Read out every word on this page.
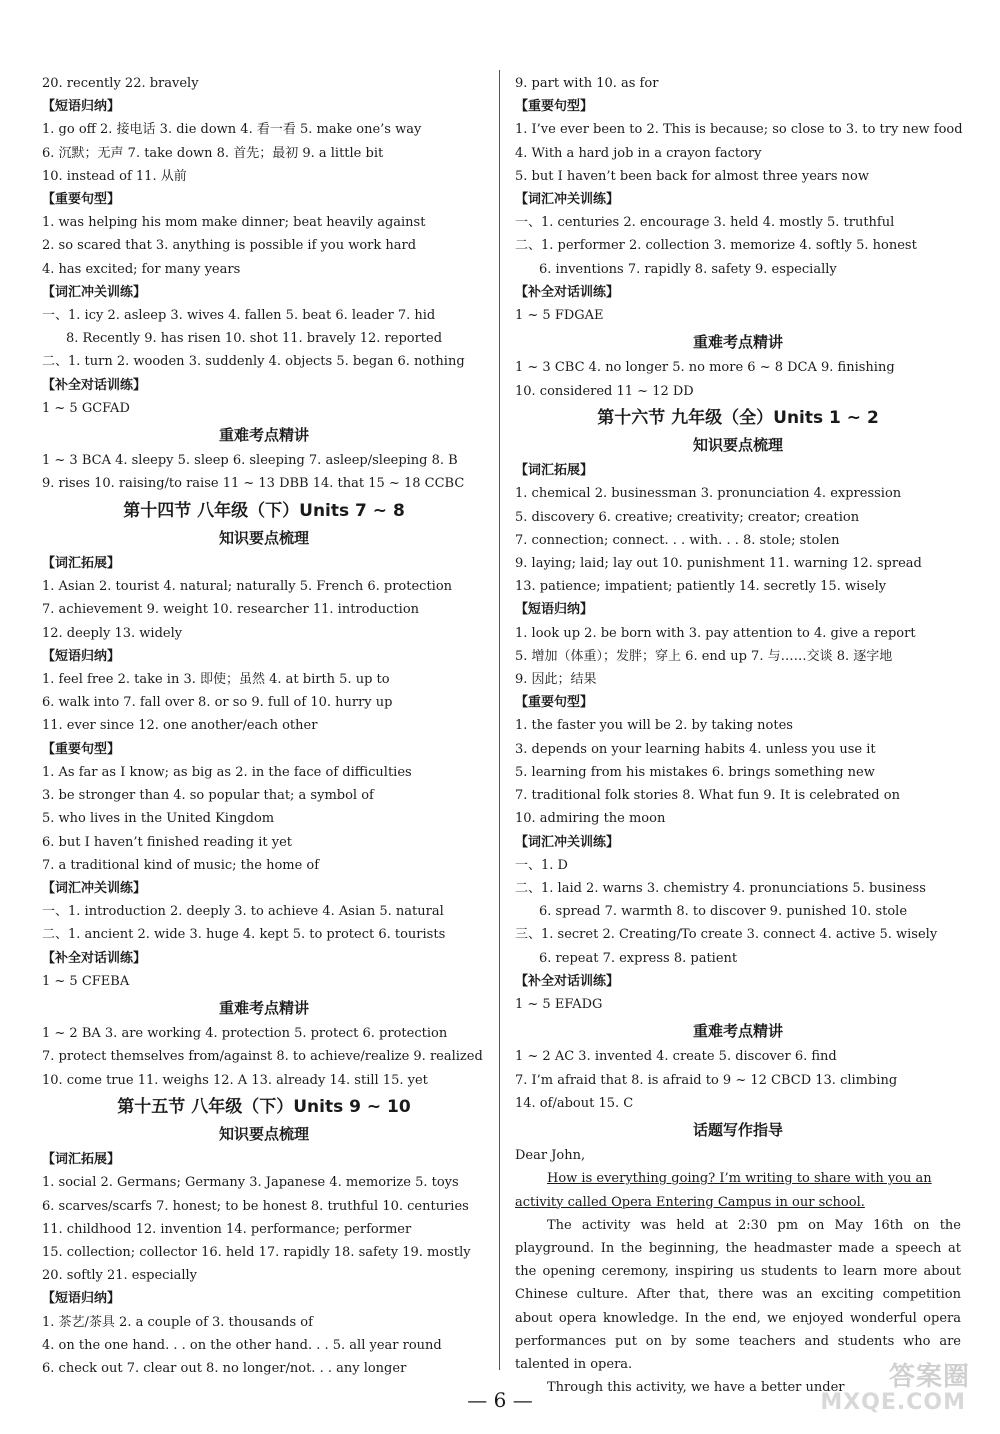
20. recently 22. bravely
【短语归纳】
1. go off 2. 接电话 3. die down 4. 看一看 5. make one’s way
6. 沉默；无声 7. take down 8. 首先；最初 9. a little bit
10. instead of 11. 从前
【重要句型】
1. was helping his mom make dinner; beat heavily against
2. so scared that 3. anything is possible if you work hard
4. has excited; for many years
【词汇冲关训练】
一、1. icy 2. asleep 3. wives 4. fallen 5. beat 6. leader 7. hid
8. Recently 9. has risen 10. shot 11. bravely 12. reported
二、1. turn 2. wooden 3. suddenly 4. objects 5. began 6. nothing
【补全对话训练】
1 ~ 5 GCFAD
重难考点精讲
1 ~ 3 BCA 4. sleepy 5. sleep 6. sleeping 7. asleep/sleeping 8. B
9. rises 10. raising/to raise 11 ~ 13 DBB 14. that 15 ~ 18 CCBC
第十四节 八年级（下）Units 7 ~ 8
知识要点梳理
【词汇拓展】
1. Asian 2. tourist 4. natural; naturally 5. French 6. protection
7. achievement 9. weight 10. researcher 11. introduction
12. deeply 13. widely
【短语归纳】
1. feel free 2. take in 3. 即使；虽然 4. at birth 5. up to
6. walk into 7. fall over 8. or so 9. full of 10. hurry up
11. ever since 12. one another/each other
【重要句型】
1. As far as I know; as big as 2. in the face of difficulties
3. be stronger than 4. so popular that; a symbol of
5. who lives in the United Kingdom
6. but I haven’t finished reading it yet
7. a traditional kind of music; the home of
【词汇冲关训练】
一、1. introduction 2. deeply 3. to achieve 4. Asian 5. natural
二、1. ancient 2. wide 3. huge 4. kept 5. to protect 6. tourists
【补全对话训练】
1 ~ 5 CFEBA
重难考点精讲
1 ~ 2 BA 3. are working 4. protection 5. protect 6. protection
7. protect themselves from/against 8. to achieve/realize 9. realized
10. come true 11. weighs 12. A 13. already 14. still 15. yet
第十五节 八年级（下）Units 9 ~ 10
知识要点梳理
【词汇拓展】
1. social 2. Germans; Germany 3. Japanese 4. memorize 5. toys
6. scarves/scarfs 7. honest; to be honest 8. truthful 10. centuries
11. childhood 12. invention 14. performance; performer
15. collection; collector 16. held 17. rapidly 18. safety 19. mostly
20. softly 21. especially
【短语归纳】
1. 茶艺/茶具 2. a couple of 3. thousands of
4. on the one hand. . . on the other hand. . . 5. all year round
6. check out 7. clear out 8. no longer/not. . . any longer
9. part with 10. as for
【重要句型】
1. I’ve ever been to 2. This is because; so close to 3. to try new food
4. With a hard job in a crayon factory
5. but I haven’t been back for almost three years now
【词汇冲关训练】
一、1. centuries 2. encourage 3. held 4. mostly 5. truthful
二、1. performer 2. collection 3. memorize 4. softly 5. honest
6. inventions 7. rapidly 8. safety 9. especially
【补全对话训练】
1 ~ 5 FDGAE
重难考点精讲
1 ~ 3 CBC 4. no longer 5. no more 6 ~ 8 DCA 9. finishing
10. considered 11 ~ 12 DD
第十六节 九年级（全）Units 1 ~ 2
知识要点梳理
【词汇拓展】
1. chemical 2. businessman 3. pronunciation 4. expression
5. discovery 6. creative; creativity; creator; creation
7. connection; connect. . . with. . . 8. stole; stolen
9. laying; laid; lay out 10. punishment 11. warning 12. spread
13. patience; impatient; patiently 14. secretly 15. wisely
【短语归纳】
1. look up 2. be born with 3. pay attention to 4. give a report
5. 增加（体重）；发胖；穿上 6. end up 7. 与……交谈 8. 逐字地
9. 因此；结果
【重要句型】
1. the faster you will be 2. by taking notes
3. depends on your learning habits 4. unless you use it
5. learning from his mistakes 6. brings something new
7. traditional folk stories 8. What fun 9. It is celebrated on
10. admiring the moon
【词汇冲关训练】
一、1. D
二、1. laid 2. warns 3. chemistry 4. pronunciations 5. business
6. spread 7. warmth 8. to discover 9. punished 10. stole
三、1. secret 2. Creating/To create 3. connect 4. active 5. wisely
6. repeat 7. express 8. patient
【补全对话训练】
1 ~ 5 EFADG
重难考点精讲
1 ~ 2 AC 3. invented 4. create 5. discover 6. find
7. I’m afraid that 8. is afraid to 9 ~ 12 CBCD 13. climbing
14. of/about 15. C
话题写作指导

Dear John,

How is everything going? I’m writing to share with you an activity called Opera Entering Campus in our school.

The activity was held at 2:30 pm on May 16th on the playground. In the beginning, the headmaster made a speech at the opening ceremony, inspiring us students to learn more about Chinese culture. After that, there was an exciting competition about opera knowledge. In the end, we enjoyed wonderful opera performances put on by some teachers and students who are talented in opera.

Through this activity, we have a better under

— 6 —
答案圈
MXQE.COM
